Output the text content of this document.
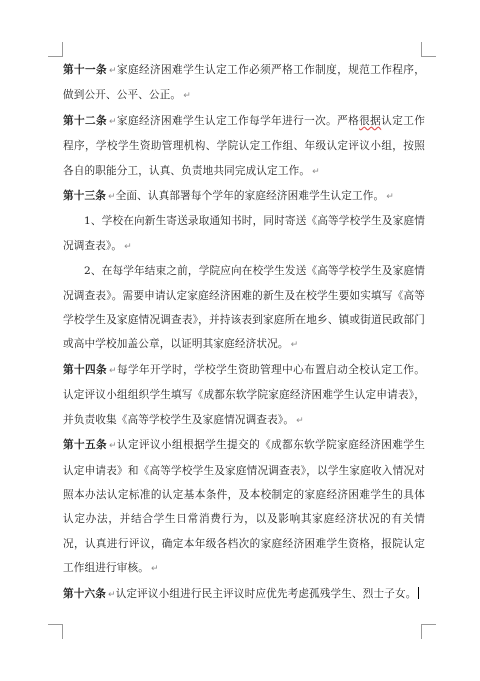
第十一条 ↵家庭经济困难学生认定工作必须严格工作制度，规范工作程序，做到公开、公平、公正。 ↵

第十二条 ↵家庭经济困难学生认定工作每学年进行一次。严格很据认定工作程序，学校学生资助管理机构、学院认定工作组、年级认定评议小组，按照各自的职能分工，认真、负责地共同完成认定工作。 ↵

第十三条 ↵全面、认真部署每个学年的家庭经济困难学生认定工作。 ↵

1、学校在向新生寄送录取通知书时，同时寄送《高等学校学生及家庭情况调查表》。 ↵

2、在每学年结束之前，学院应向在校学生发送《高等学校学生及家庭情况调查表》。需要申请认定家庭经济困难的新生及在校学生要如实填写《高等学校学生及家庭情况调查表》，并持该表到家庭所在地乡、镇或街道民政部门或高中学校加盖公章，以证明其家庭经济状况。 ↵

第十四条 ↵每学年开学时，学校学生资助管理中心布置启动全校认定工作。认定评议小组组织学生填写《成都东软学院家庭经济困难学生认定申请表》，并负责收集《高等学校学生及家庭情况调查表》。 ↵

第十五条 ↵认定评议小组根据学生提交的《成都东软学院家庭经济困难学生认定申请表》和《高等学校学生及家庭情况调查表》，以学生家庭收入情况对照本办法认定标准的认定基本条件，及本校制定的家庭经济困难学生的具体认定办法，并结合学生日常消费行为，以及影响其家庭经济状况的有关情况，认真进行评议，确定本年级各档次的家庭经济困难学生资格，报院认定工作组进行审核。 ↵

第十六条 ↵认定评议小组进行民主评议时应优先考虑孤残学生、烈士子女。
